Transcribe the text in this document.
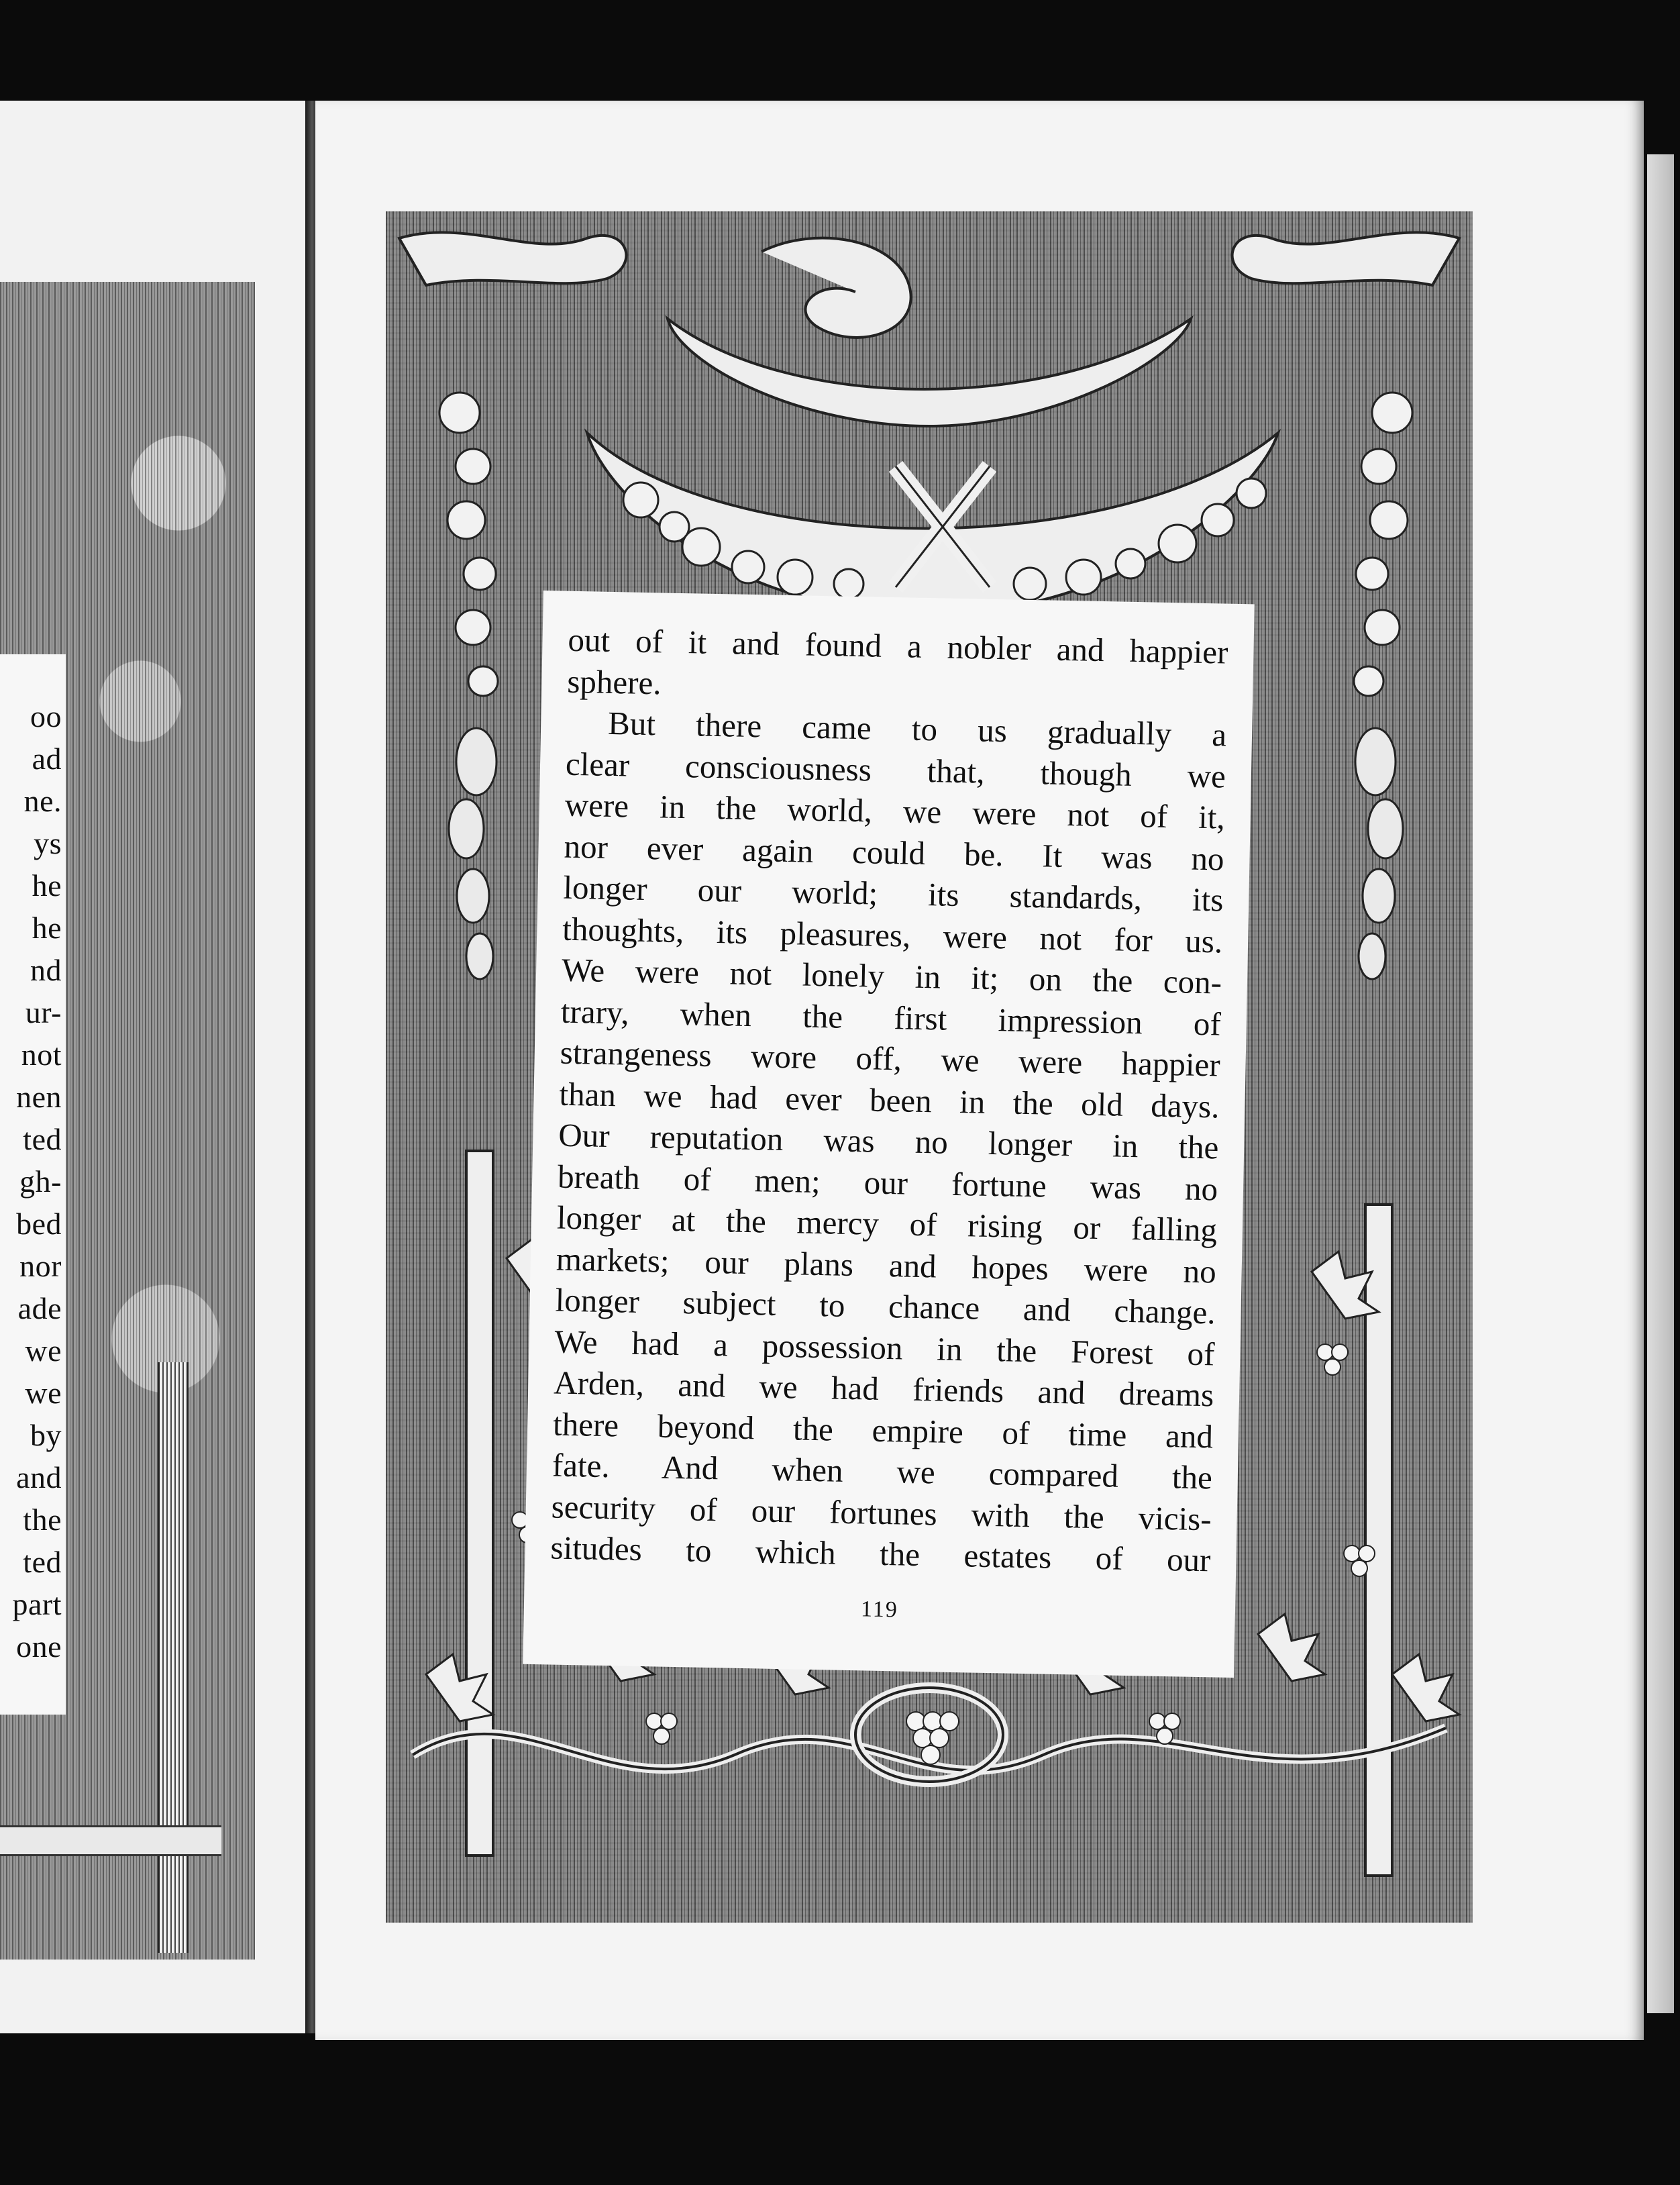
oo
ad
ne.
ys
he
he
nd
ur-
not
nen
ted
gh-
bed
nor
ade
we
we
by
and
the
ted
part
one
out of it and found a nobler and happier
sphere.
But there came to us gradually a
clear consciousness that, though we
were in the world, we were not of it,
nor ever again could be. It was no
longer our world; its standards, its
thoughts, its pleasures, were not for us.
We were not lonely in it; on the con-
trary, when the first impression of
strangeness wore off, we were happier
than we had ever been in the old days.
Our reputation was no longer in the
breath of men; our fortune was no
longer at the mercy of rising or falling
markets; our plans and hopes were no
longer subject to chance and change.
We had a possession in the Forest of
Arden, and we had friends and dreams
there beyond the empire of time and
fate. And when we compared the
security of our fortunes with the vicis-
situdes to which the estates of our
119
